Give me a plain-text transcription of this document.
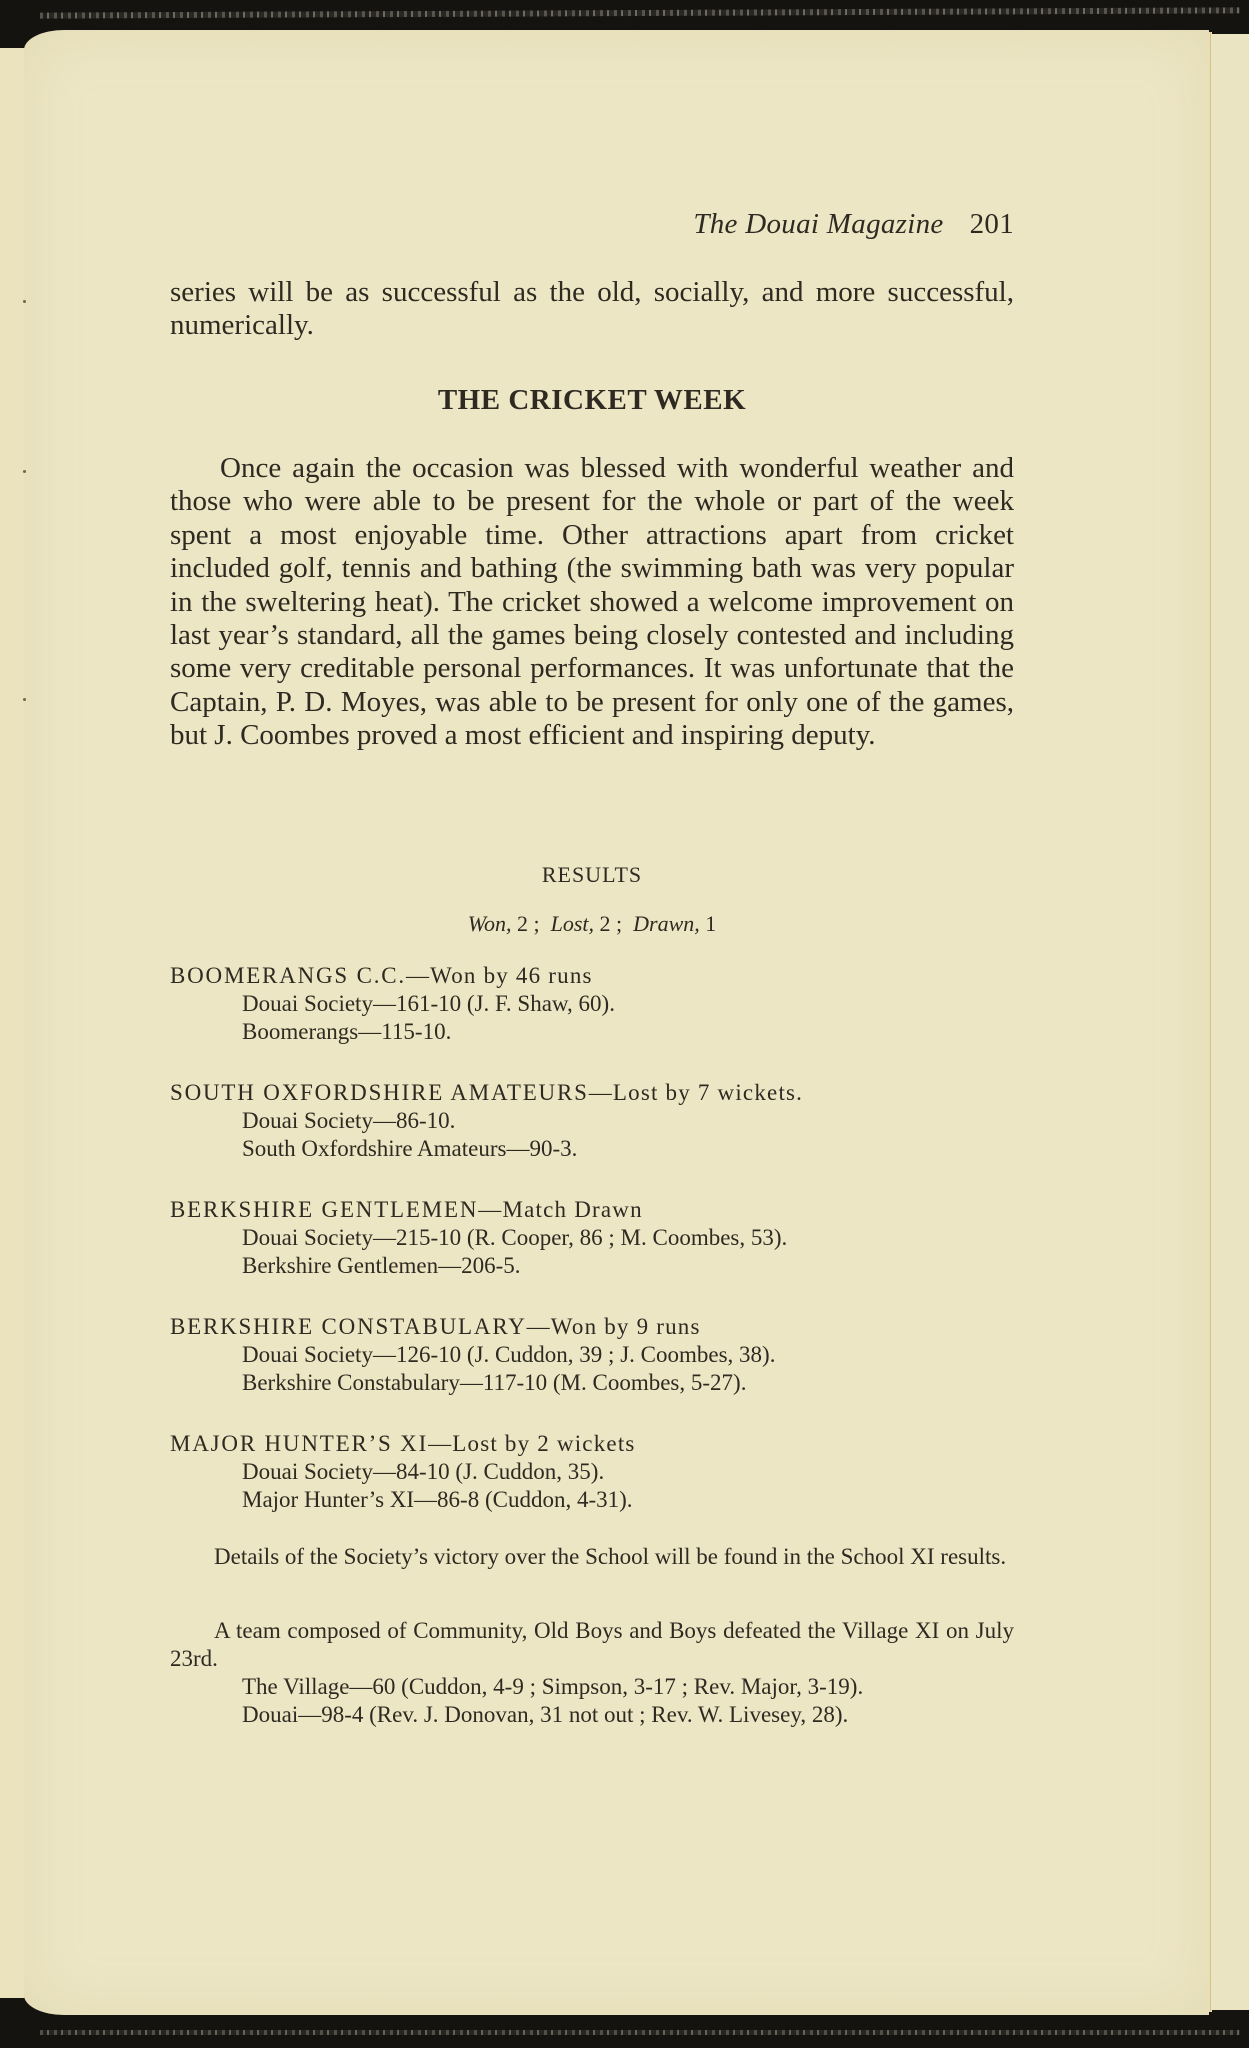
The Douai Magazine 201

series will be as successful as the old, socially, and more successful, numerically.

THE CRICKET WEEK

Once again the occasion was blessed with wonderful weather and those who were able to be present for the whole or part of the week spent a most enjoyable time. Other attractions apart from cricket included golf, tennis and bathing (the swimming bath was very popular in the sweltering heat). The cricket showed a welcome improvement on last year’s standard, all the games being closely contested and including some very creditable personal performances. It was unfortunate that the Captain, P. D. Moyes, was able to be present for only one of the games, but J. Coombes proved a most efficient and inspiring deputy.

RESULTS
Won, 2 ;  Lost, 2 ;  Drawn, 1
BOOMERANGS C.C.—Won by 46 runs
Douai Society—161-10 (J. F. Shaw, 60).
Boomerangs—115-10.
SOUTH OXFORDSHIRE AMATEURS—Lost by 7 wickets.
Douai Society—86-10.
South Oxfordshire Amateurs—90-3.
BERKSHIRE GENTLEMEN—Match Drawn
Douai Society—215-10 (R. Cooper, 86 ; M. Coombes, 53).
Berkshire Gentlemen—206-5.
BERKSHIRE CONSTABULARY—Won by 9 runs
Douai Society—126-10 (J. Cuddon, 39 ; J. Coombes, 38).
Berkshire Constabulary—117-10 (M. Coombes, 5-27).
MAJOR HUNTER’S XI—Lost by 2 wickets
Douai Society—84-10 (J. Cuddon, 35).
Major Hunter’s XI—86-8 (Cuddon, 4-31).
Details of the Society’s victory over the School will be found in the School XI results.
A team composed of Community, Old Boys and Boys defeated the Village XI on July 23rd.
The Village—60 (Cuddon, 4-9 ; Simpson, 3-17 ; Rev. Major, 3-19).
Douai—98-4 (Rev. J. Donovan, 31 not out ; Rev. W. Livesey, 28).
